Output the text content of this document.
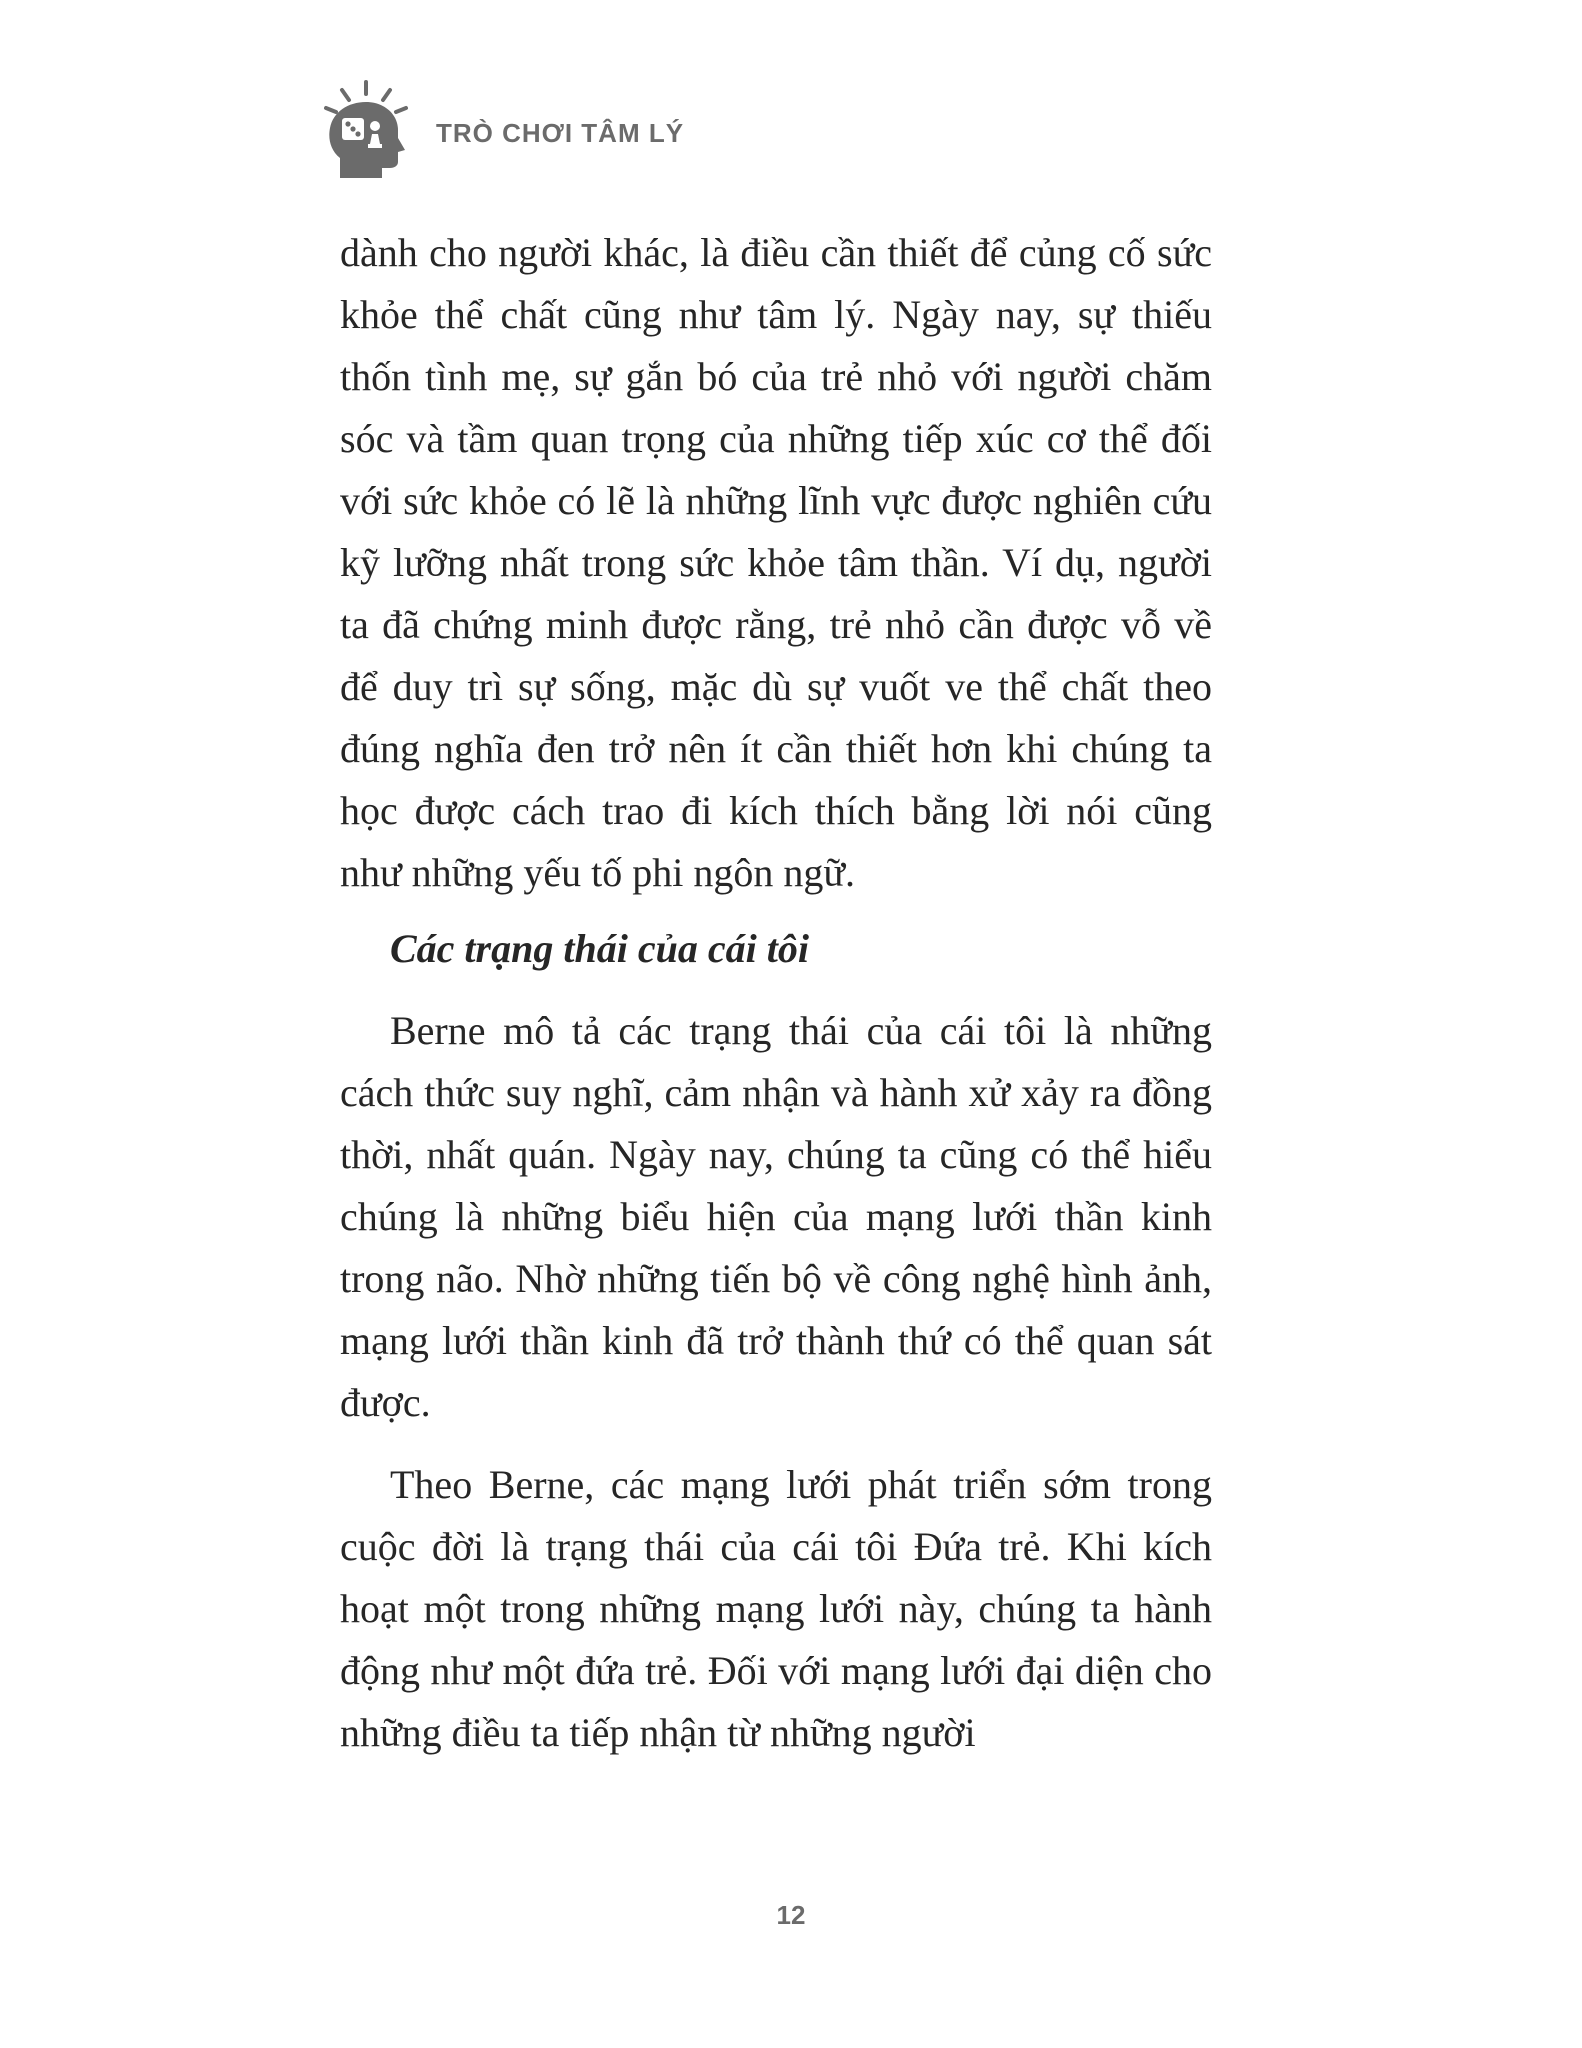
TRÒ CHƠI TÂM LÝ

dành cho người khác, là điều cần thiết để củng cố sức khỏe thể chất cũng như tâm lý. Ngày nay, sự thiếu thốn tình mẹ, sự gắn bó của trẻ nhỏ với người chăm sóc và tầm quan trọng của những tiếp xúc cơ thể đối với sức khỏe có lẽ là những lĩnh vực được nghiên cứu kỹ lưỡng nhất trong sức khỏe tâm thần. Ví dụ, người ta đã chứng minh được rằng, trẻ nhỏ cần được vỗ về để duy trì sự sống, mặc dù sự vuốt ve thể chất theo đúng nghĩa đen trở nên ít cần thiết hơn khi chúng ta học được cách trao đi kích thích bằng lời nói cũng như những yếu tố phi ngôn ngữ.

Các trạng thái của cái tôi

Berne mô tả các trạng thái của cái tôi là những cách thức suy nghĩ, cảm nhận và hành xử xảy ra đồng thời, nhất quán. Ngày nay, chúng ta cũng có thể hiểu chúng là những biểu hiện của mạng lưới thần kinh trong não. Nhờ những tiến bộ về công nghệ hình ảnh, mạng lưới thần kinh đã trở thành thứ có thể quan sát được.

Theo Berne, các mạng lưới phát triển sớm trong cuộc đời là trạng thái của cái tôi Đứa trẻ. Khi kích hoạt một trong những mạng lưới này, chúng ta hành động như một đứa trẻ. Đối với mạng lưới đại diện cho những điều ta tiếp nhận từ những người

12
